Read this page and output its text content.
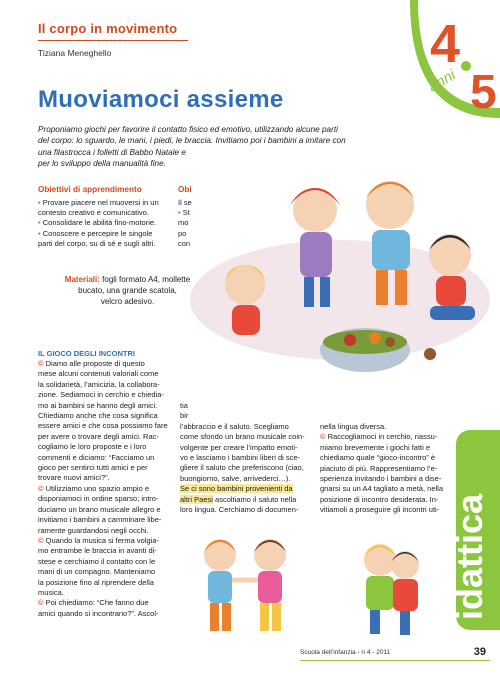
Il corpo in movimento
Tiziana Meneghello
Muoviamoci assieme
4
5
anni
Proponiamo giochi per favorire il contatto fisico ed emotivo, utilizzando alcune parti
del corpo: lo sguardo, le mani, i piedi, le braccia. Invitiamo poi i bambini a imitare con
una filastrocca i folletti di Babbo Natale e
per lo sviluppo della manualità fine.
Obiettivi di apprendimento
• Provare piacere nel muoversi in un
contesto creativo e comunicativo.
• Consolidare le abilità fino-motorie.
• Conoscere e percepire le singole
parti del corpo, su di sé e sugli altri.
Obi
Il se
• St
mo
po
con
Materiali: fogli formato A4, mollette
bucato, una grande scatola,
velcro adesivo.
IL GIOCO DEGLI INCONTRI
© Diamo alle proposte di questo
mese alcuni contenuti valoriali come
la solidarietà, l’amicizia, la collabora-
zione. Sediamoci in cerchio e chiedia-
mo ai bambini se hanno degli amici.
Chiediamo anche che cosa significa
essere amici e che cosa possiamo fare
per avere o trovare degli amici. Rac-
cogliamo le loro proposte e i loro
commenti e diciamo: “Facciamo un
gioco per sentirci tutti amici e per
trovare nuovi amici?”.
© Utilizziamo uno spazio ampio e
disponiamoci in ordine sparso; intro-
duciamo un brano musicale allegro e
invitiamo i bambini a camminare libe-
ramente guardandosi negli occhi.
© Quando la musica si ferma volgia-
mo entrambe le braccia in avanti di-
stese e cerchiamo il contatto con le
mani di un compagno. Manteniamo
la posizione fino al riprendere della
musica.
© Poi chiediamo: “Che fanno due
amici quando si incontrano?”. Ascol-
tia
bir
l’abbraccio e il saluto. Scegliamo
come sfondo un brano musicale coin-
volgente per creare l’impatto emoti-
vo e lasciamo i bambini liberi di sce-
gliere il saluto che preferiscono (ciao,
buongiorno, salve, arrivederci…).
Se ci sono bambini provenienti da
altri Paesi ascoltiamo il saluto nella
loro lingua. Cerchiamo di documen-
nella lingua diversa.
© Raccogliamoci in cerchio, riassu-
miamo brevemente i giochi fatti e
chiediamo quale “gioco-incontro” è
piaciuto di più. Rappresentiamo l’e-
sperienza invitando i bambini a dise-
gnarsi su un A4 tagliato a metà, nella
posizione di incontro desiderata. In-
vitiamoli a proseguire gli incontri uti- idattica
Scuola dell’infanzia - n 4 - 2011	39
